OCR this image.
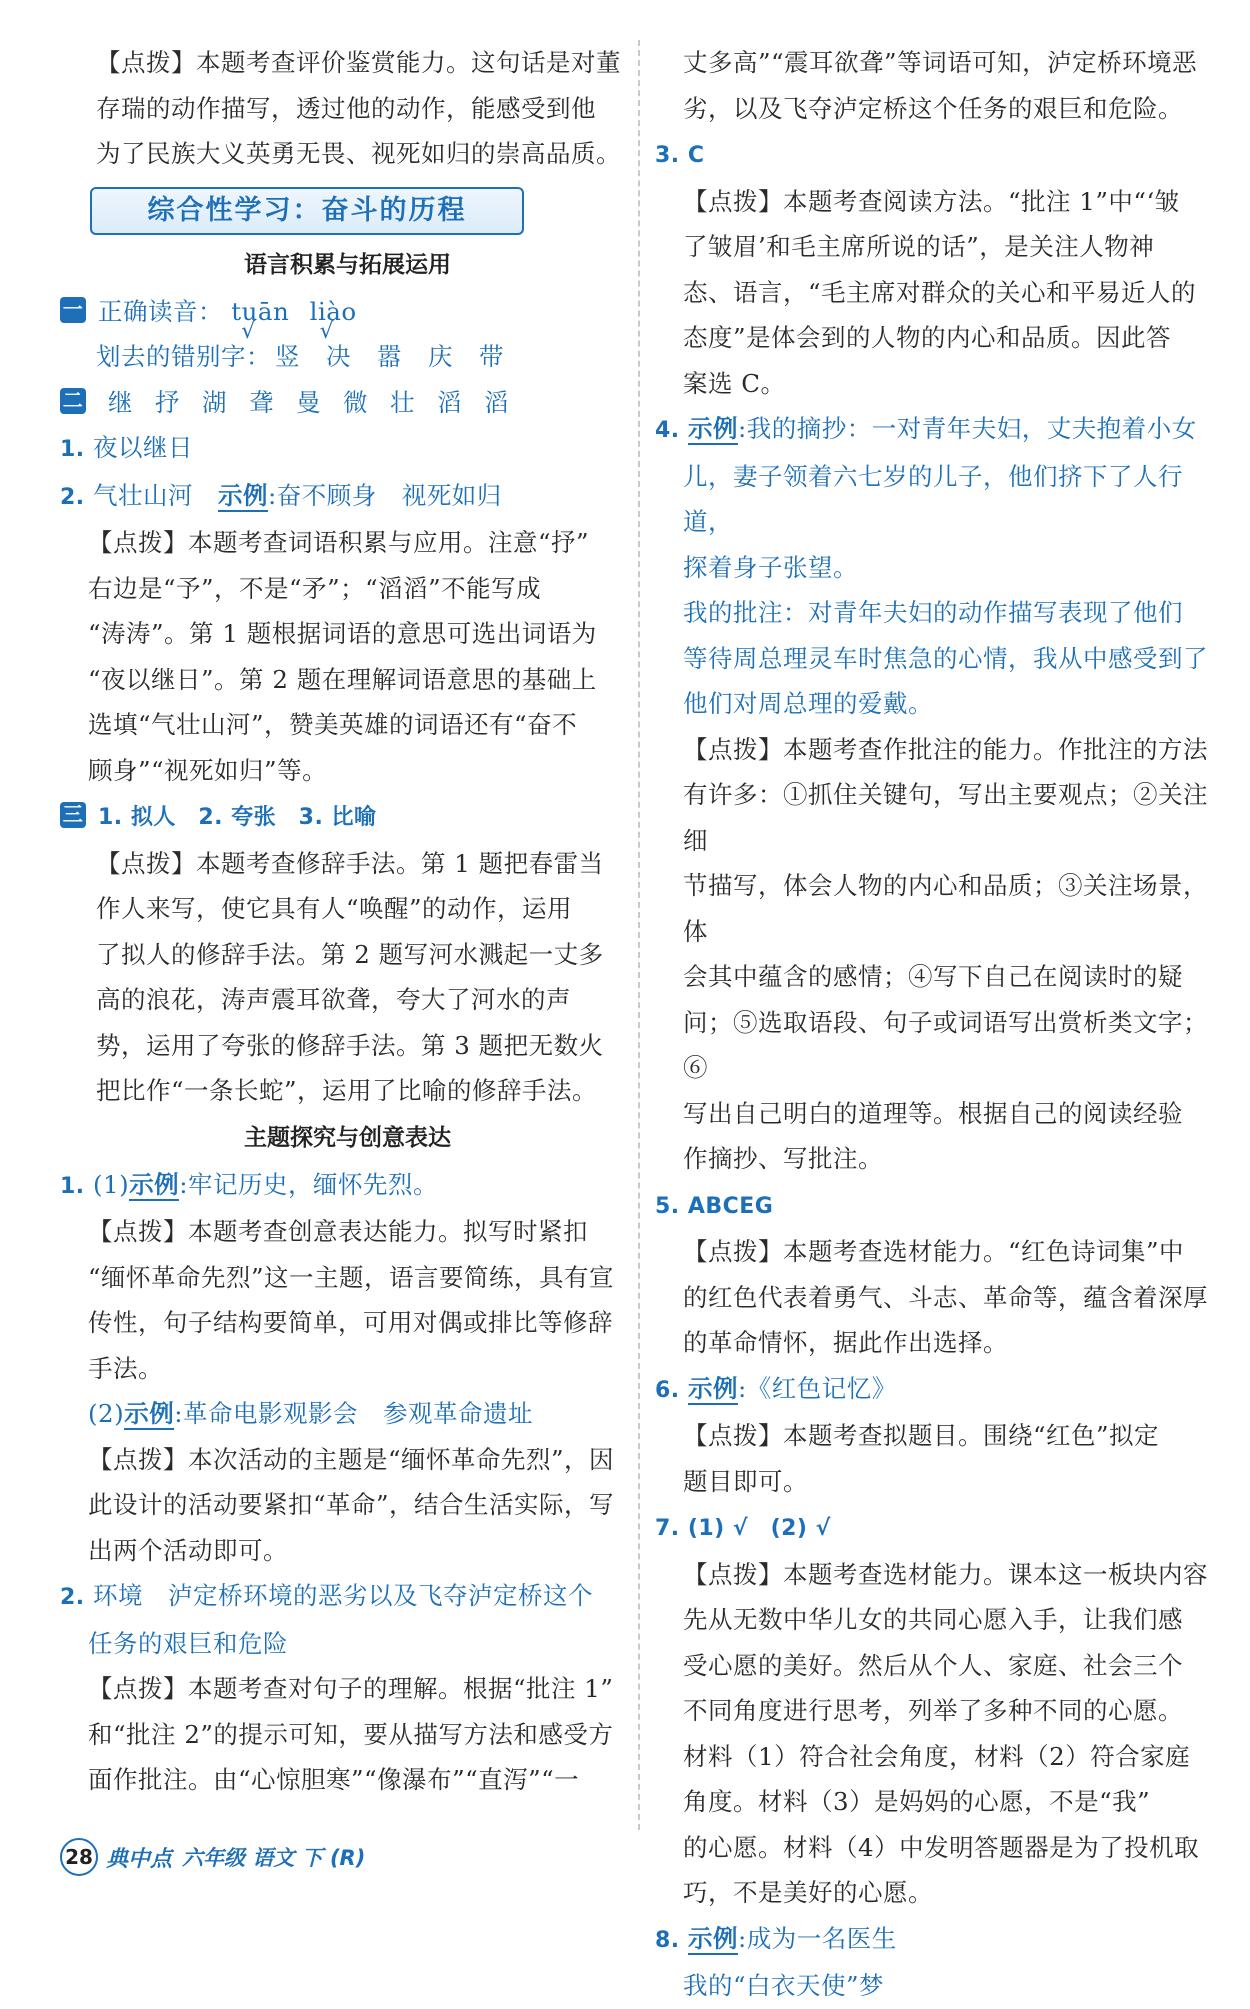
【点拨】本题考查评价鉴赏能力。这句话是对董

存瑞的动作描写，透过他的动作，能感受到他

为了民族大义英勇无畏、视死如归的崇高品质。

综合性学习：奋斗的历程
语言积累与拓展运用

一 正确读音： tuān
√
liào
√

划去的错别字： 竖 决 嚣 庆 带

二 继 抒 湖 聋 曼 微 壮 滔 滔

1. 夜以继日

2. 气壮山河　 示例:奋不顾身　视死如归

【点拨】本题考查词语积累与应用。注意“抒”

右边是“予”，不是“矛”；“滔滔”不能写成

“涛涛”。第 1 题根据词语的意思可选出词语为

“夜以继日”。第 2 题在理解词语意思的基础上

选填“气壮山河”，赞美英雄的词语还有“奋不

顾身”“视死如归”等。

三 1. 拟人　2. 夸张　3. 比喻

【点拨】本题考查修辞手法。第 1 题把春雷当

作人来写，使它具有人“唤醒”的动作，运用

了拟人的修辞手法。第 2 题写河水溅起一丈多

高的浪花，涛声震耳欲聋，夸大了河水的声

势，运用了夸张的修辞手法。第 3 题把无数火

把比作“一条长蛇”，运用了比喻的修辞手法。

主题探究与创意表达

1. (1)示例:牢记历史，缅怀先烈。

【点拨】本题考查创意表达能力。拟写时紧扣

“缅怀革命先烈”这一主题，语言要简练，具有宣

传性，句子结构要简单，可用对偶或排比等修辞

手法。

(2)示例:革命电影观影会　参观革命遗址

【点拨】本次活动的主题是“缅怀革命先烈”，因

此设计的活动要紧扣“革命”，结合生活实际，写

出两个活动即可。

2. 环境　泸定桥环境的恶劣以及飞夺泸定桥这个

任务的艰巨和危险

【点拨】本题考查对句子的理解。根据“批注 1”

和“批注 2”的提示可知，要从描写方法和感受方

面作批注。由“心惊胆寒”“像瀑布”“直泻”“一

丈多高”“震耳欲聋”等词语可知，泸定桥环境恶

劣，以及飞夺泸定桥这个任务的艰巨和危险。

3. C

【点拨】本题考查阅读方法。“批注 1”中“‘皱

了皱眉’和毛主席所说的话”，是关注人物神

态、语言，“毛主席对群众的关心和平易近人的

态度”是体会到的人物的内心和品质。因此答

案选 C。

4. 示例:我的摘抄：一对青年夫妇，丈夫抱着小女

儿，妻子领着六七岁的儿子，他们挤下了人行道，

探着身子张望。

我的批注：对青年夫妇的动作描写表现了他们

等待周总理灵车时焦急的心情，我从中感受到了

他们对周总理的爱戴。

【点拨】本题考查作批注的能力。作批注的方法

有许多：①抓住关键句，写出主要观点；②关注细

节描写，体会人物的内心和品质；③关注场景，体

会其中蕴含的感情；④写下自己在阅读时的疑

问；⑤选取语段、句子或词语写出赏析类文字；⑥

写出自己明白的道理等。根据自己的阅读经验

作摘抄、写批注。

5. ABCEG

【点拨】本题考查选材能力。“红色诗词集”中

的红色代表着勇气、斗志、革命等，蕴含着深厚

的革命情怀，据此作出选择。

6. 示例:《红色记忆》

【点拨】本题考查拟题目。围绕“红色”拟定

题目即可。

7. (1) √　(2) √

【点拨】本题考查选材能力。课本这一板块内容

先从无数中华儿女的共同心愿入手，让我们感

受心愿的美好。然后从个人、家庭、社会三个

不同角度进行思考，列举了多种不同的心愿。

材料（1）符合社会角度，材料（2）符合家庭

角度。材料（3）是妈妈的心愿，不是“我”

的心愿。材料（4）中发明答题器是为了投机取

巧，不是美好的心愿。

8. 示例:成为一名医生

我的“白衣天使”梦

28 典中点 六年级 语文 下 (R)
